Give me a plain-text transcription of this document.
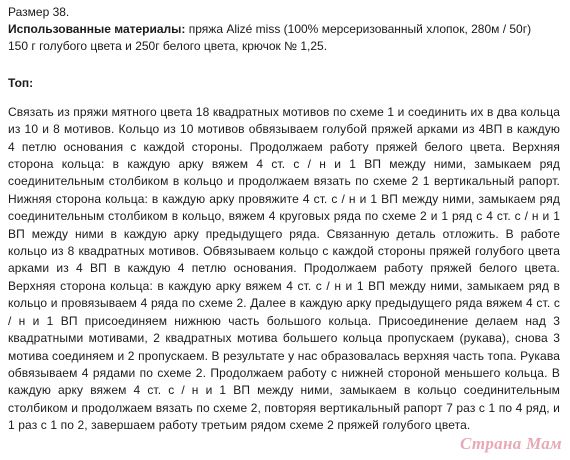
Размер 38.

Использованные материалы: пряжа Alizé miss (100% мерсеризованный хлопок, 280м / 50г) 150 г голубого цвета и 250г белого цвета, крючок № 1,25.

Топ:

Связать из пряжи мятного цвета 18 квадратных мотивов по схеме 1 и соединить их в два кольца из 10 и 8 мотивов. Кольцо из 10 мотивов обвязываем голубой пряжей арками из 4ВП в каждую 4 петлю основания с каждой стороны. Продолжаем работу пряжей белого цвета. Верхняя сторона кольца: в каждую арку вяжем 4 ст. с / н и 1 ВП между ними, замыкаем ряд соединительным столбиком в кольцо и продолжаем вязать по схеме 2 1 вертикальный рапорт. Нижняя сторона кольца: в каждую арку провяжите 4 ст. с / н и 1 ВП между ними, замыкаем ряд соединительным столбиком в кольцо, вяжем 4 круговых ряда по схеме 2 и 1 ряд с 4 ст. с / н и 1 ВП между ними в каждую арку предыдущего ряда. Связанную деталь отложить. В работе кольцо из 8 квадратных мотивов. Обвязываем кольцо с каждой стороны пряжей голубого цвета арками из 4 ВП в каждую 4 петлю основания. Продолжаем работу пряжей белого цвета. Верхняя сторона кольца: в каждую арку вяжем 4 ст. с / н и 1 ВП между ними, замыкаем ряд в кольцо и провязываем 4 ряда по схеме 2. Далее в каждую арку предыдущего ряда вяжем 4 ст. с / н и 1 ВП присоединяем нижнюю часть большого кольца. Присоединение делаем над 3 квадратными мотивами, 2 квадратных мотива большего кольца пропускаем (рукава), снова 3 мотива соединяем и 2 пропускаем. В результате у нас образовалась верхняя часть топа. Рукава обвязываем 4 рядами по схеме 2. Продолжаем работу с нижней стороной меньшего кольца. В каждую арку вяжем 4 ст. с / н и 1 ВП между ними, замыкаем в кольцо соединительным столбиком и продолжаем вязать по схеме 2, повторяя вертикальный рапорт 7 раз с 1 по 4 ряд, и 1 раз с 1 по 2, завершаем работу третьим рядом схеме 2 пряжей голубого цвета.

Страна Мам
